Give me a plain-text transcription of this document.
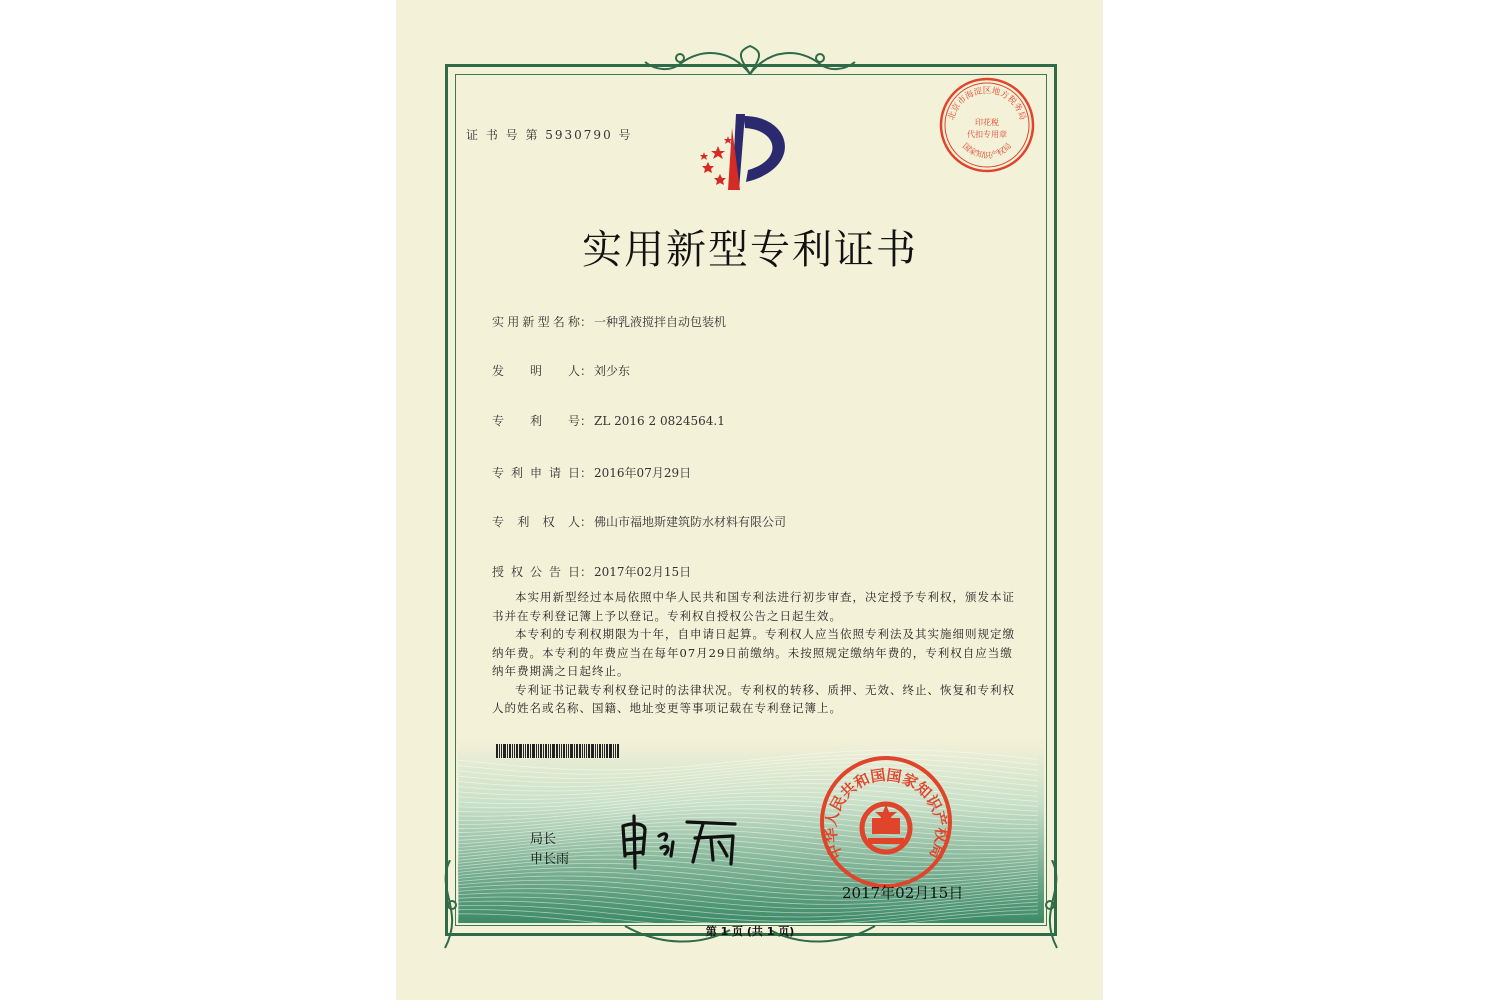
证 书 号 第 5930790 号
实用新型专利证书
实用新型名称： 一种乳液搅拌自动包装机
发明人： 刘少东
专利号： ZL 2016 2 0824564.1
专利申请日： 2016年07月29日
专利权人： 佛山市福地斯建筑防水材料有限公司
授权公告日： 2017年02月15日

本实用新型经过本局依照中华人民共和国专利法进行初步审查，决定授予专利权，颁发本证书并在专利登记簿上予以登记。专利权自授权公告之日起生效。

本专利的专利权期限为十年，自申请日起算。专利权人应当依照专利法及其实施细则规定缴纳年费。本专利的年费应当在每年07月29日前缴纳。未按照规定缴纳年费的，专利权自应当缴纳年费期满之日起终止。

专利证书记载专利权登记时的法律状况。专利权的转移、质押、无效、终止、恢复和专利权人的姓名或名称、国籍、地址变更等事项记载在专利登记簿上。

局长
申长雨
北京市海淀区地方税务局
印花税
代扣专用章
国家知识产权局
中华人民共和国国家知识产权局
2017年02月15日
第 1 页 (共 1 页)
